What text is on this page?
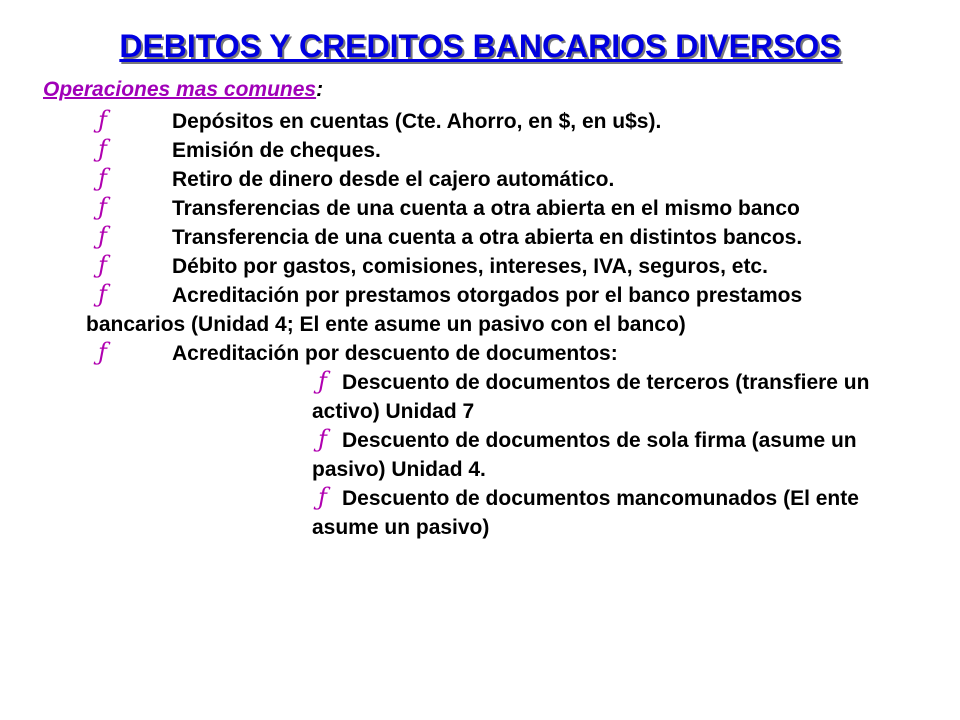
DEBITOS Y CREDITOS BANCARIOS DIVERSOS
Operaciones mas comunes:

ƒ	Depósitos en cuentas (Cte. Ahorro, en $, en u$s).

ƒ	Emisión de cheques.

ƒ	Retiro de dinero desde el cajero automático.

ƒ	Transferencias de una cuenta a otra abierta en el mismo banco

ƒ	Transferencia de una cuenta a otra abierta en distintos bancos.

ƒ	Débito por gastos, comisiones, intereses, IVA, seguros, etc.

ƒ	Acreditación por prestamos otorgados por el banco prestamos bancarios (Unidad 4; El ente asume un pasivo con el banco)

ƒ	Acreditación por descuento de documentos:

ƒ Descuento de documentos de terceros (transfiere un activo) Unidad 7

ƒ Descuento de documentos de sola firma (asume un pasivo) Unidad 4.

ƒ Descuento de documentos mancomunados (El ente asume un pasivo)
